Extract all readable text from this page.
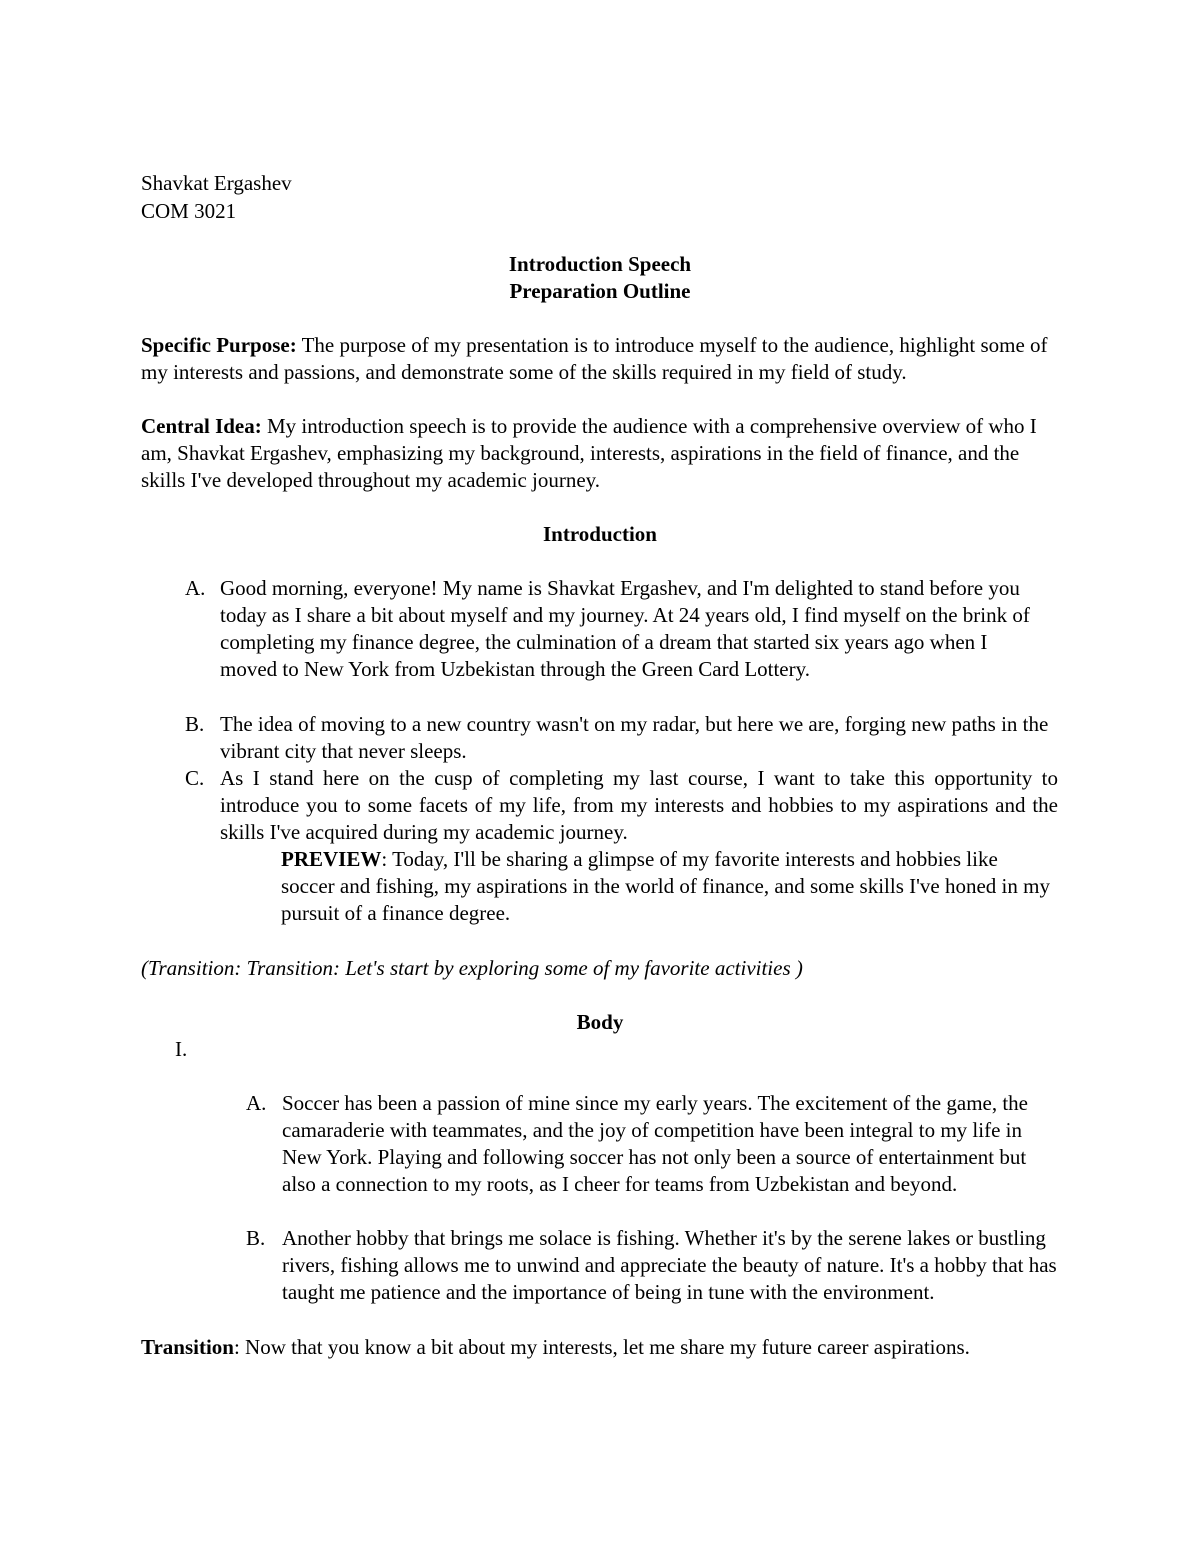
Shavkat Ergashev

COM 3021

Introduction Speech

Preparation Outline

Specific Purpose: The purpose of my presentation is to introduce myself to the audience, highlight some of my interests and passions, and demonstrate some of the skills required in my field of study.

Central Idea: My introduction speech is to provide the audience with a comprehensive overview of who I am, Shavkat Ergashev, emphasizing my background, interests, aspirations in the field of finance, and the skills I've developed throughout my academic journey.

Introduction

A. Good morning, everyone! My name is Shavkat Ergashev, and I'm delighted to stand before you today as I share a bit about myself and my journey. At 24 years old, I find myself on the brink of completing my finance degree, the culmination of a dream that started six years ago when I moved to New York from Uzbekistan through the Green Card Lottery.
B. The idea of moving to a new country wasn't on my radar, but here we are, forging new paths in the vibrant city that never sleeps.
C. As I stand here on the cusp of completing my last course, I want to take this opportunity to introduce you to some facets of my life, from my interests and hobbies to my aspirations and the skills I've acquired during my academic journey.

PREVIEW: Today, I'll be sharing a glimpse of my favorite interests and hobbies like soccer and fishing, my aspirations in the world of finance, and some skills I've honed in my pursuit of a finance degree.

(Transition: Transition: Let's start by exploring some of my favorite activities )

Body

I.

A. Soccer has been a passion of mine since my early years. The excitement of the game, the camaraderie with teammates, and the joy of competition have been integral to my life in New York. Playing and following soccer has not only been a source of entertainment but also a connection to my roots, as I cheer for teams from Uzbekistan and beyond.
B. Another hobby that brings me solace is fishing. Whether it's by the serene lakes or bustling rivers, fishing allows me to unwind and appreciate the beauty of nature. It's a hobby that has taught me patience and the importance of being in tune with the environment.

Transition: Now that you know a bit about my interests, let me share my future career aspirations.
